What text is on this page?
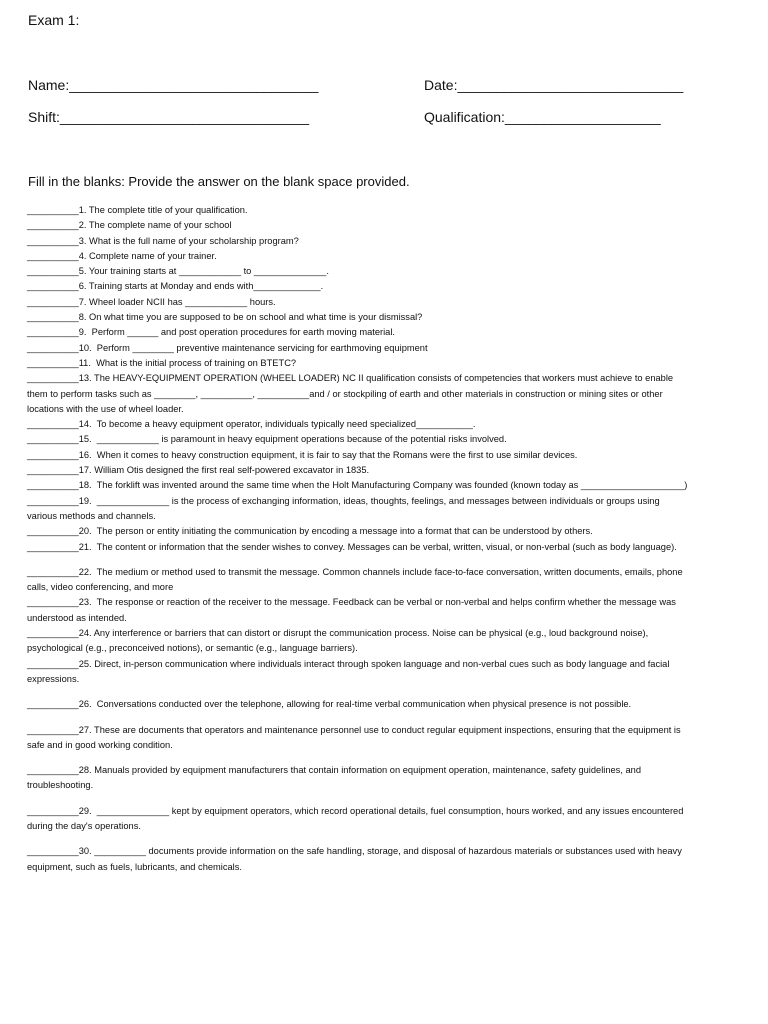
Exam 1:
Name:________________________________	Date:_____________________________
Shift:________________________________	Qualification:____________________
Fill in the blanks: Provide the answer on the blank space provided.
__________1. The complete title of your qualification.
__________2. The complete name of your school
__________3. What is the full name of your scholarship program?
__________4. Complete name of your trainer.
__________5. Your training starts at ____________ to ______________.
__________6. Training starts at Monday and ends with_____________.
__________7. Wheel loader NCII has ____________ hours.
__________8. On what time you are supposed to be on school and what time is your dismissal?
__________9.  Perform ______ and post operation procedures for earth moving material.
__________10.  Perform ________ preventive maintenance servicing for earthmoving equipment
__________11.  What is the initial process of training on BTETC?
__________13. The HEAVY-EQUIPMENT OPERATION (WHEEL LOADER) NC II qualification consists of competencies that workers must achieve to enable them to perform tasks such as ________, __________, __________and / or stockpiling of earth and other materials in construction or mining sites or other locations with the use of wheel loader.
__________14.  To become a heavy equipment operator, individuals typically need specialized___________.
__________15.  ____________ is paramount in heavy equipment operations because of the potential risks involved.
__________16.  When it comes to heavy construction equipment, it is fair to say that the Romans were the first to use similar devices.
__________17. William Otis designed the first real self-powered excavator in 1835.
__________18.  The forklift was invented around the same time when the Holt Manufacturing Company was founded (known today as ____________________)
__________19.  ______________ is the process of exchanging information, ideas, thoughts, feelings, and messages between individuals or groups using various methods and channels.
__________20.  The person or entity initiating the communication by encoding a message into a format that can be understood by others.
__________21.  The content or information that the sender wishes to convey. Messages can be verbal, written, visual, or non-verbal (such as body language).
__________22.  The medium or method used to transmit the message. Common channels include face-to-face conversation, written documents, emails, phone calls, video conferencing, and more
__________23.  The response or reaction of the receiver to the message. Feedback can be verbal or non-verbal and helps confirm whether the message was understood as intended.
__________24. Any interference or barriers that can distort or disrupt the communication process. Noise can be physical (e.g., loud background noise), psychological (e.g., preconceived notions), or semantic (e.g., language barriers).
__________25. Direct, in-person communication where individuals interact through spoken language and non-verbal cues such as body language and facial expressions.
__________26.  Conversations conducted over the telephone, allowing for real-time verbal communication when physical presence is not possible.
__________27. These are documents that operators and maintenance personnel use to conduct regular equipment inspections, ensuring that the equipment is safe and in good working condition.
__________28. Manuals provided by equipment manufacturers that contain information on equipment operation, maintenance, safety guidelines, and troubleshooting.
__________29.  ______________ kept by equipment operators, which record operational details, fuel consumption, hours worked, and any issues encountered during the day's operations.
__________30. __________ documents provide information on the safe handling, storage, and disposal of hazardous materials or substances used with heavy equipment, such as fuels, lubricants, and chemicals.
